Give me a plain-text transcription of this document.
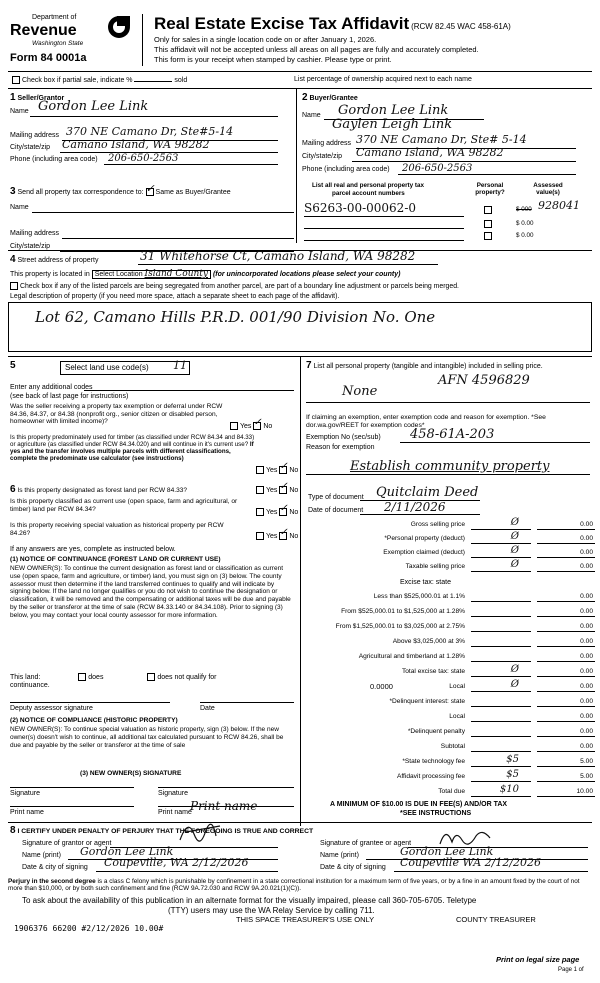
Department of
Revenue
Washington State
Form 84 0001a
Real Estate Excise Tax Affidavit (RCW 82.45 WAC 458-61A)
Only for sales in a single location code on or after January 1, 2026.
This affidavit will not be accepted unless all areas on all pages are fully and accurately completed.
This form is your receipt when stamped by cashier. Please type or print.
Check box if partial sale, indicate %	sold	List percentage of ownership acquired next to each name
1 Seller/Grantor
Name Gordon Lee Link
Mailing address 370 NE Camano Dr, Ste#5-14
City/state/zip Camano Island, WA 98282
Phone (including area code) 206-650-2563
2 Buyer/Grantee
Name Gordon Lee Link
Gaylen Leigh Link
Mailing address 370 NE Camano Dr, Ste# 5-14
City/state/zip Camano Island, WA 98282
Phone (including area code) 206-650-2563
3 Send all property tax correspondence to: ✓ Same as Buyer/Grantee
Name
Mailing address
City/state/zip
List all real and personal property tax
parcel account numbers
Personal property?
Assessed value(s)
S6263-00-00062-0	$ 000 928041
$ 0.00
$ 0.00
4 Street address of property	31 Whitehorse Ct, Camano Island, WA 98282
This property is located in Select Location Island County (for unincorporated locations please select your county)
Check box if any of the listed parcels are being segregated from another parcel, are part of a boundary line adjustment or parcels being merged.
Legal description of property (if you need more space, attach a separate sheet to each page of the affidavit).
Lot 62, Camano Hills P.R.D. 001/90 Division No. One
5	Select land use code(s) 11
Enter any additional codes
(see back of last page for instructions)
Was the seller receiving a property tax exemption or deferral under RCW 84.36, 84.37, or 84.38 (nonprofit org., senior citizen or disabled person, homeowner with limited income)?
Yes ✓ No
Is this property predominately used for timber (as classified under RCW 84.34 and 84.33) or agriculture (as classified under RCW 84.34.020) and will continue in it's current use? If yes and the transfer involves multiple parcels with different classifications, complete the predominate use calculator (see instructions)
Yes ✓ No
6 Is this property designated as forest land per RCW 84.33?	Yes ✓ No
Is this property classified as current use (open space, farm and agricultural, or timber) land per RCW 84.34?	Yes ✓ No
Is this property receiving special valuation as historical property per RCW 84.26?	Yes ✓ No
If any answers are yes, complete as instructed below.
(1) NOTICE OF CONTINUANCE (FOREST LAND OR CURRENT USE)
NEW OWNER(S): To continue the current designation as forest land or classification as current use (open space, farm and agriculture, or timber) land, you must sign on (3) below. The county assessor must then determine if the land transferred continues to qualify and will indicate by signing below. If the land no longer qualifies or you do not wish to continue the designation or classification, it will be removed and the compensating or additional taxes will be due and payable by the seller or transferor at the time of sale (RCW 84.33.140 or 84.34.108). Prior to signing (3) below, you may contact your local county assessor for more information.
This land:	does	does not qualify for
continuance.
Deputy assessor signature	Date
(2) NOTICE OF COMPLIANCE (HISTORIC PROPERTY)
NEW OWNER(S): To continue special valuation as historic property, sign (3) below. If the new owner(s) doesn't wish to continue, all additional tax calculated pursuant to RCW 84.26, shall be due and payable by the seller or transferor at the time of sale
(3) NEW OWNER(S) SIGNATURE
Signature	Signature
Print name	Print name
7 List all personal property (tangible and intangible) included in selling price.
None
AFN 4596829
If claiming an exemption, enter exemption code and reason for exemption. *See dor.wa.gov/REET for exemption codes*
Exemption No (sec/sub) 458-61A-203
Reason for exemption
Establish community property
Type of document Quitclaim Deed
Date of document 2/11/2026
Gross selling price	Ø	0.00
*Personal property (deduct)	Ø	0.00
Exemption claimed (deduct)	Ø	0.00
Taxable selling price	Ø	0.00
Excise tax: state
Less than $525,000.01 at 1.1%	0.00
From $525,000.01 to $1,525,000 at 1.28%	0.00
From $1,525,000.01 to $3,025,000 at 2.75%	0.00
Above $3,025,000 at 3%	0.00
Agricultural and timberland at 1.28%	0.00
Total excise tax: state	Ø	0.00
0.0000	Local	Ø	0.00
*Delinquent interest: state	0.00
Local	0.00
*Delinquent penalty	0.00
Subtotal	0.00
*State technology fee	$5	5.00
Affidavit processing fee	$5	5.00
Total due	$10	10.00
A MINIMUM OF $10.00 IS DUE IN FEE(S) AND/OR TAX
*SEE INSTRUCTIONS
Print name
8 I CERTIFY UNDER PENALTY OF PERJURY THAT THE FOREGOING IS TRUE AND CORRECT
Signature of grantor or agent
Name (print) Gordon Lee Link
Date & city of signing Coupeville, WA 2/12/2026
Signature of grantee or agent
Name (print)	Gordon Lee Link
Date & city of signing Coupeville WA 2/12/2026
Perjury in the second degree is a class C felony which is punishable by confinement in a state correctional institution for a maximum term of five years, or by a fine in an amount fixed by the court of not more than $10,000, or by both such confinement and fine (RCW 9A.72.030 and RCW 9A.20.021(1)(C)).
To ask about the availability of this publication in an alternate format for the visually impaired, please call 360-705-6705. Teletype
(TTY) users may use the WA Relay Service by calling 711.
1906376 66200 #2/12/2026 10.00#
THIS SPACE TREASURER'S USE ONLY	COUNTY TREASURER
Print on legal size page
Page 1 of
